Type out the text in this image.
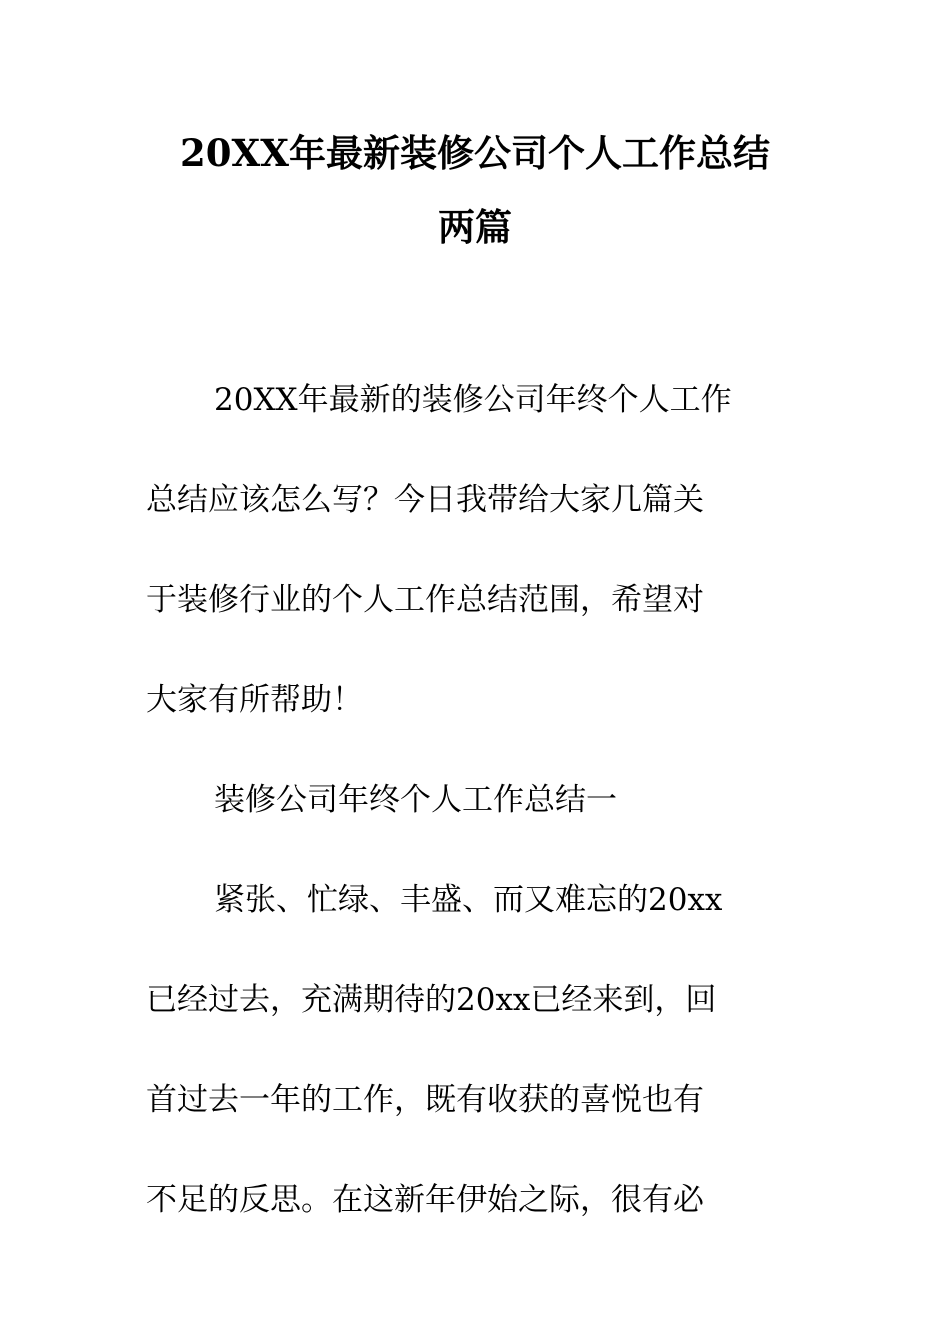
20XX年最新装修公司个人工作总结
两篇
20XX年最新的装修公司年终个人工作
总结应该怎么写？今日我带给大家几篇关
于装修行业的个人工作总结范围，希望对
大家有所帮助！
装修公司年终个人工作总结一
紧张、忙绿、丰盛、而又难忘的20xx
已经过去，充满期待的20xx已经来到，回
首过去一年的工作，既有收获的喜悦也有
不足的反思。在这新年伊始之际，很有必
